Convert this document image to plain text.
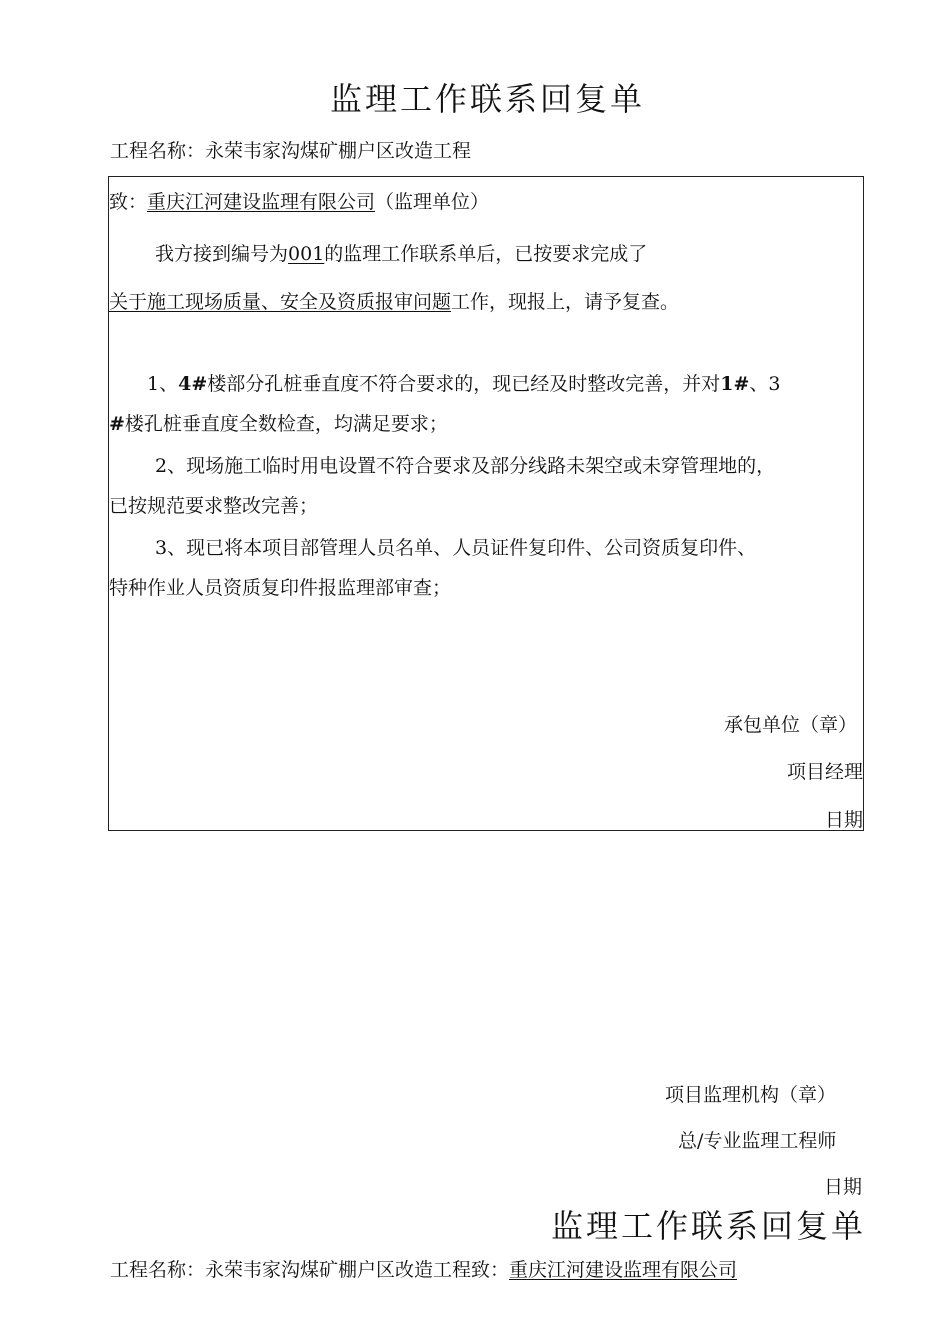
监理工作联系回复单
工程名称：永荣韦家沟煤矿棚户区改造工程
致：重庆江河建设监理有限公司（监理单位）
我方接到编号为001的监理工作联系单后，已按要求完成了
关于施工现场质量、安全及资质报审问题工作，现报上，请予复查。
1、4#楼部分孔桩垂直度不符合要求的，现已经及时整改完善，并对1#、3
#楼孔桩垂直度全数检查，均满足要求；
2、现场施工临时用电设置不符合要求及部分线路未架空或未穿管理地的，
已按规范要求整改完善；
3、现已将本项目部管理人员名单、人员证件复印件、公司资质复印件、
特种作业人员资质复印件报监理部审查；
承包单位（章）
项目经理
日期
项目监理机构（章）
总/专业监理工程师
日期
监理工作联系回复单
工程名称：永荣韦家沟煤矿棚户区改造工程致：重庆江河建设监理有限公司
